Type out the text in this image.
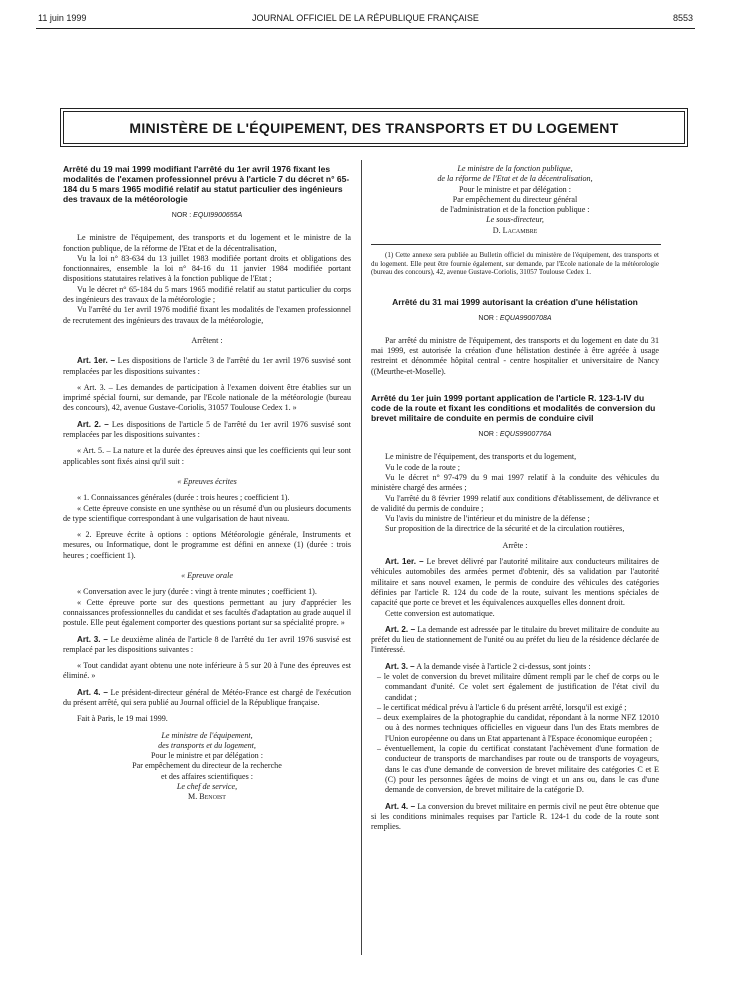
11 juin 1999	JOURNAL OFFICIEL DE LA RÉPUBLIQUE FRANÇAISE	8553
MINISTÈRE DE L'ÉQUIPEMENT, DES TRANSPORTS ET DU LOGEMENT

Arrêté du 19 mai 1999 modifiant l'arrêté du 1er avril 1976 fixant les modalités de l'examen professionnel prévu à l'article 7 du décret n° 65-184 du 5 mars 1965 modifié relatif au statut particulier des ingénieurs des travaux de la météorologie

NOR : EQUI9900655A

Le ministre de l'équipement, des transports et du logement et le ministre de la fonction publique, de la réforme de l'Etat et de la décentralisation,

Vu la loi n° 83-634 du 13 juillet 1983 modifiée portant droits et obligations des fonctionnaires, ensemble la loi n° 84-16 du 11 janvier 1984 modifiée portant dispositions statutaires relatives à la fonction publique de l'Etat ;

Vu le décret n° 65-184 du 5 mars 1965 modifié relatif au statut particulier du corps des ingénieurs des travaux de la météorologie ;

Vu l'arrêté du 1er avril 1976 modifié fixant les modalités de l'examen professionnel de recrutement des ingénieurs des travaux de la météorologie,

Arrêtent :

Art. 1er. – Les dispositions de l'article 3 de l'arrêté du 1er avril 1976 susvisé sont remplacées par les dispositions suivantes :

« Art. 3. – Les demandes de participation à l'examen doivent être établies sur un imprimé spécial fourni, sur demande, par l'Ecole nationale de la météorologie (bureau des concours), 42, avenue Gustave-Coriolis, 31057 Toulouse Cedex 1. »

Art. 2. – Les dispositions de l'article 5 de l'arrêté du 1er avril 1976 susvisé sont remplacées par les dispositions suivantes :

« Art. 5. – La nature et la durée des épreuves ainsi que les coefficients qui leur sont applicables sont fixés ainsi qu'il suit :

« Epreuves écrites

« 1. Connaissances générales (durée : trois heures ; coefficient 1).

« Cette épreuve consiste en une synthèse ou un résumé d'un ou plusieurs documents de type scientifique correspondant à une vulgarisation de haut niveau.

« 2. Epreuve écrite à options : options Météorologie générale, Instruments et mesures, ou Informatique, dont le programme est défini en annexe (1) (durée : trois heures ; coefficient 1).

« Epreuve orale

« Conversation avec le jury (durée : vingt à trente minutes ; coefficient 1).

« Cette épreuve porte sur des questions permettant au jury d'apprécier les connaissances professionnelles du candidat et ses facultés d'adaptation au grade auquel il postule. Elle peut également comporter des questions portant sur sa spécialité propre. »

Art. 3. – Le deuxième alinéa de l'article 8 de l'arrêté du 1er avril 1976 susvisé est remplacé par les dispositions suivantes :

« Tout candidat ayant obtenu une note inférieure à 5 sur 20 à l'une des épreuves est éliminé. »

Art. 4. – Le président-directeur général de Météo-France est chargé de l'exécution du présent arrêté, qui sera publié au Journal officiel de la République française.

Fait à Paris, le 19 mai 1999.

Le ministre de l'équipement,

des transports et du logement,

Pour le ministre et par délégation :

Par empêchement du directeur de la recherche

et des affaires scientifiques :

Le chef de service,

M. Benoist

Le ministre de la fonction publique,

de la réforme de l'Etat et de la décentralisation,

Pour le ministre et par délégation :

Par empêchement du directeur général

de l'administration et de la fonction publique :

Le sous-directeur,

D. Lacambre

(1) Cette annexe sera publiée au Bulletin officiel du ministère de l'équipement, des transports et du logement. Elle peut être fournie également, sur demande, par l'Ecole nationale de la météorologie (bureau des concours), 42, avenue Gustave-Coriolis, 31057 Toulouse Cedex 1.

Arrêté du 31 mai 1999 autorisant la création d'une hélistation

NOR : EQUA9900708A

Par arrêté du ministre de l'équipement, des transports et du logement en date du 31 mai 1999, est autorisée la création d'une hélistation destinée à être agréée à usage restreint et dénommée hôpital central - centre hospitalier et universitaire de Nancy ((Meurthe-et-Moselle).

Arrêté du 1er juin 1999 portant application de l'article R. 123-1-IV du code de la route et fixant les conditions et modalités de conversion du brevet militaire de conduite en permis de conduire civil

NOR : EQUS9900776A

Le ministre de l'équipement, des transports et du logement,

Vu le code de la route ;

Vu le décret n° 97-479 du 9 mai 1997 relatif à la conduite des véhicules du ministère chargé des armées ;

Vu l'arrêté du 8 février 1999 relatif aux conditions d'établissement, de délivrance et de validité du permis de conduire ;

Vu l'avis du ministre de l'intérieur et du ministre de la défense ;

Sur proposition de la directrice de la sécurité et de la circulation routières,

Arrête :

Art. 1er. – Le brevet délivré par l'autorité militaire aux conducteurs militaires de véhicules automobiles des armées permet d'obtenir, dès sa validation par l'autorité militaire et sans nouvel examen, le permis de conduire des véhicules des catégories définies par l'article R. 124 du code de la route, suivant les mentions spéciales de capacité que porte ce brevet et les équivalences auxquelles elles donnent droit.

Cette conversion est automatique.

Art. 2. – La demande est adressée par le titulaire du brevet militaire de conduite au préfet du lieu de stationnement de l'unité ou au préfet du lieu de la résidence déclarée de l'intéressé.

Art. 3. – A la demande visée à l'article 2 ci-dessus, sont joints :

– le volet de conversion du brevet militaire dûment rempli par le chef de corps ou le commandant d'unité. Ce volet sert également de justification de l'état civil du candidat ;

– le certificat médical prévu à l'article 6 du présent arrêté, lorsqu'il est exigé ;

– deux exemplaires de la photographie du candidat, répondant à la norme NFZ 12010 ou à des normes techniques officielles en vigueur dans l'un des Etats membres de l'Union européenne ou dans un Etat appartenant à l'Espace économique européen ;

– éventuellement, la copie du certificat constatant l'achèvement d'une formation de conducteur de transports de marchandises par route ou de transports de voyageurs, dans le cas d'une demande de conversion de brevet militaire des catégories C et E (C) pour les personnes âgées de moins de vingt et un ans ou, dans le cas d'une demande de conversion, de brevet militaire de la catégorie D.

Art. 4. – La conversion du brevet militaire en permis civil ne peut être obtenue que si les conditions minimales requises par l'article R. 124-1 du code de la route sont remplies.
